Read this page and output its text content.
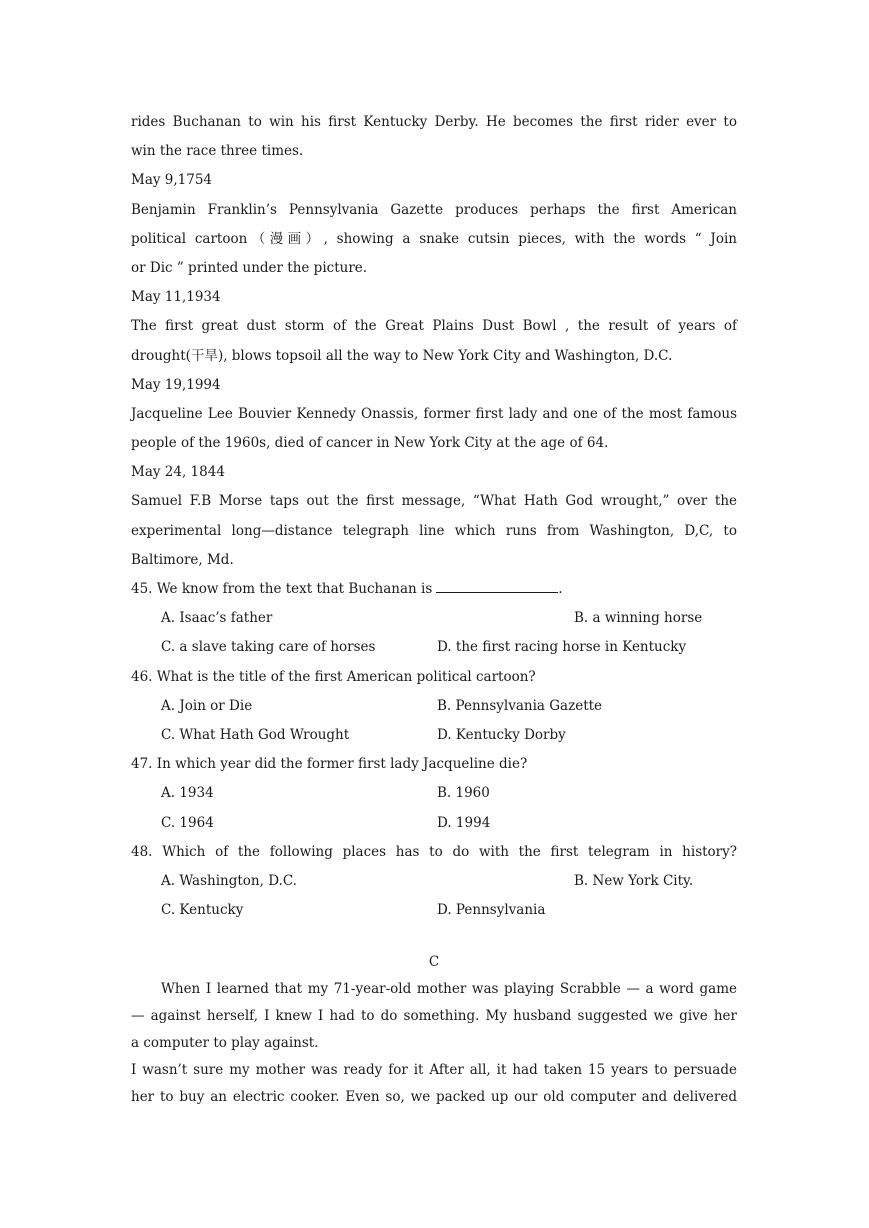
rides Buchanan to win his first Kentucky Derby. He becomes the first rider ever to
win the race three times.
May 9,1754
Benjamin Franklin’s Pennsylvania Gazette produces perhaps the first American
political cartoon（漫画）, showing a snake cutsin pieces, with the words “ Join
or Dic ” printed under the picture.
May 11,1934
The first great dust storm of the Great Plains Dust Bowl , the result of years of
drought(干旱), blows topsoil all the way to New York City and Washington, D.C.
May 19,1994
Jacqueline Lee Bouvier Kennedy Onassis, former first lady and one of the most famous
people of the 1960s, died of cancer in New York City at the age of 64.
May 24, 1844
Samuel F.B Morse taps out the first message, “What Hath God wrought,” over the
experimental long—distance telegraph line which runs from Washington, D,C, to
Baltimore, Md.
45. We know from the text that Buchanan is	.
A. Isaac’s father	B. a winning horse
C. a slave taking care of horses	D. the first racing horse in Kentucky
46. What is the title of the first American political cartoon?
A. Join or Die	B. Pennsylvania Gazette
C. What Hath God Wrought	D. Kentucky Dorby
47. In which year did the former first lady Jacqueline die?
A. 1934	B. 1960
C. 1964	D. 1994
48. Which of the following places has to do with the first telegram in history?
A. Washington, D.C.	B. New York City.
C. Kentucky	D. Pennsylvania
C
When I learned that my 71-year-old mother was playing Scrabble — a word game
— against herself, I knew I had to do something. My husband suggested we give her
a computer to play against.
I wasn’t sure my mother was ready for it After all, it had taken 15 years to persuade
her to buy an electric cooker. Even so, we packed up our old computer and delivered
